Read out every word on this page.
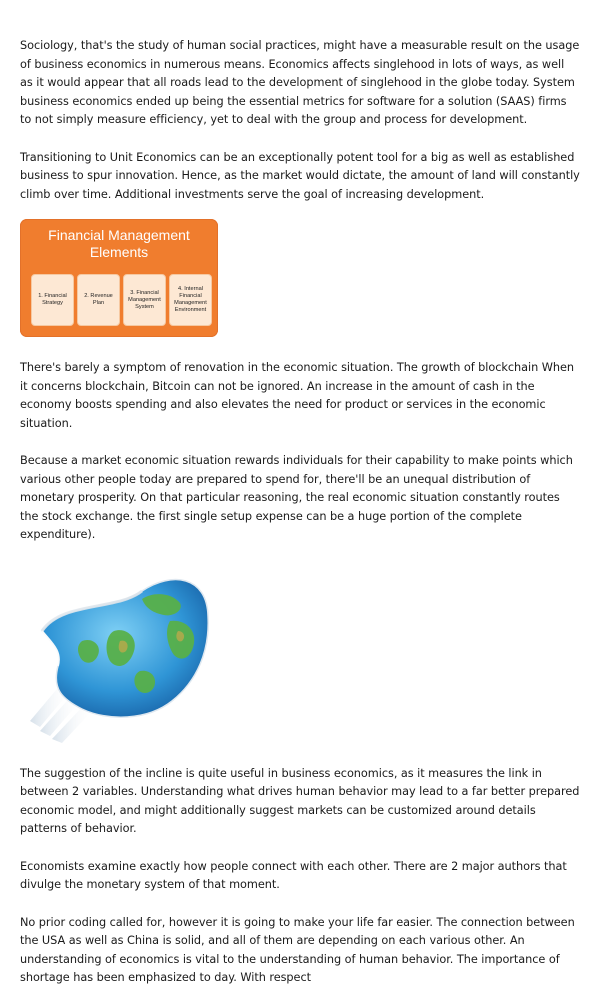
Sociology, that's the study of human social practices, might have a measurable result on the usage of business economics in numerous means. Economics affects singlehood in lots of ways, as well as it would appear that all roads lead to the development of singlehood in the globe today. System business economics ended up being the essential metrics for software for a solution (SAAS) firms to not simply measure efficiency, yet to deal with the group and process for development.

Transitioning to Unit Economics can be an exceptionally potent tool for a big as well as established business to spur innovation. Hence, as the market would dictate, the amount of land will constantly climb over time. Additional investments serve the goal of increasing development.

Financial Management Elements
1. Financial Strategy
2. Revenue Plan
3. Financial Management System
4. Internal Financial Management Environment

There's barely a symptom of renovation in the economic situation. The growth of blockchain When it concerns blockchain, Bitcoin can not be ignored. An increase in the amount of cash in the economy boosts spending and also elevates the need for product or services in the economic situation.

Because a market economic situation rewards individuals for their capability to make points which various other people today are prepared to spend for, there'll be an unequal distribution of monetary prosperity. On that particular reasoning, the real economic situation constantly routes the stock exchange. the first single setup expense can be a huge portion of the complete expenditure).

The suggestion of the incline is quite useful in business economics, as it measures the link in between 2 variables. Understanding what drives human behavior may lead to a far better prepared economic model, and might additionally suggest markets can be customized around details patterns of behavior.

Economists examine exactly how people connect with each other. There are 2 major authors that divulge the monetary system of that moment.

No prior coding called for, however it is going to make your life far easier. The connection between the USA as well as China is solid, and all of them are depending on each various other. An understanding of economics is vital to the understanding of human behavior. The importance of shortage has been emphasized to day. With respect
